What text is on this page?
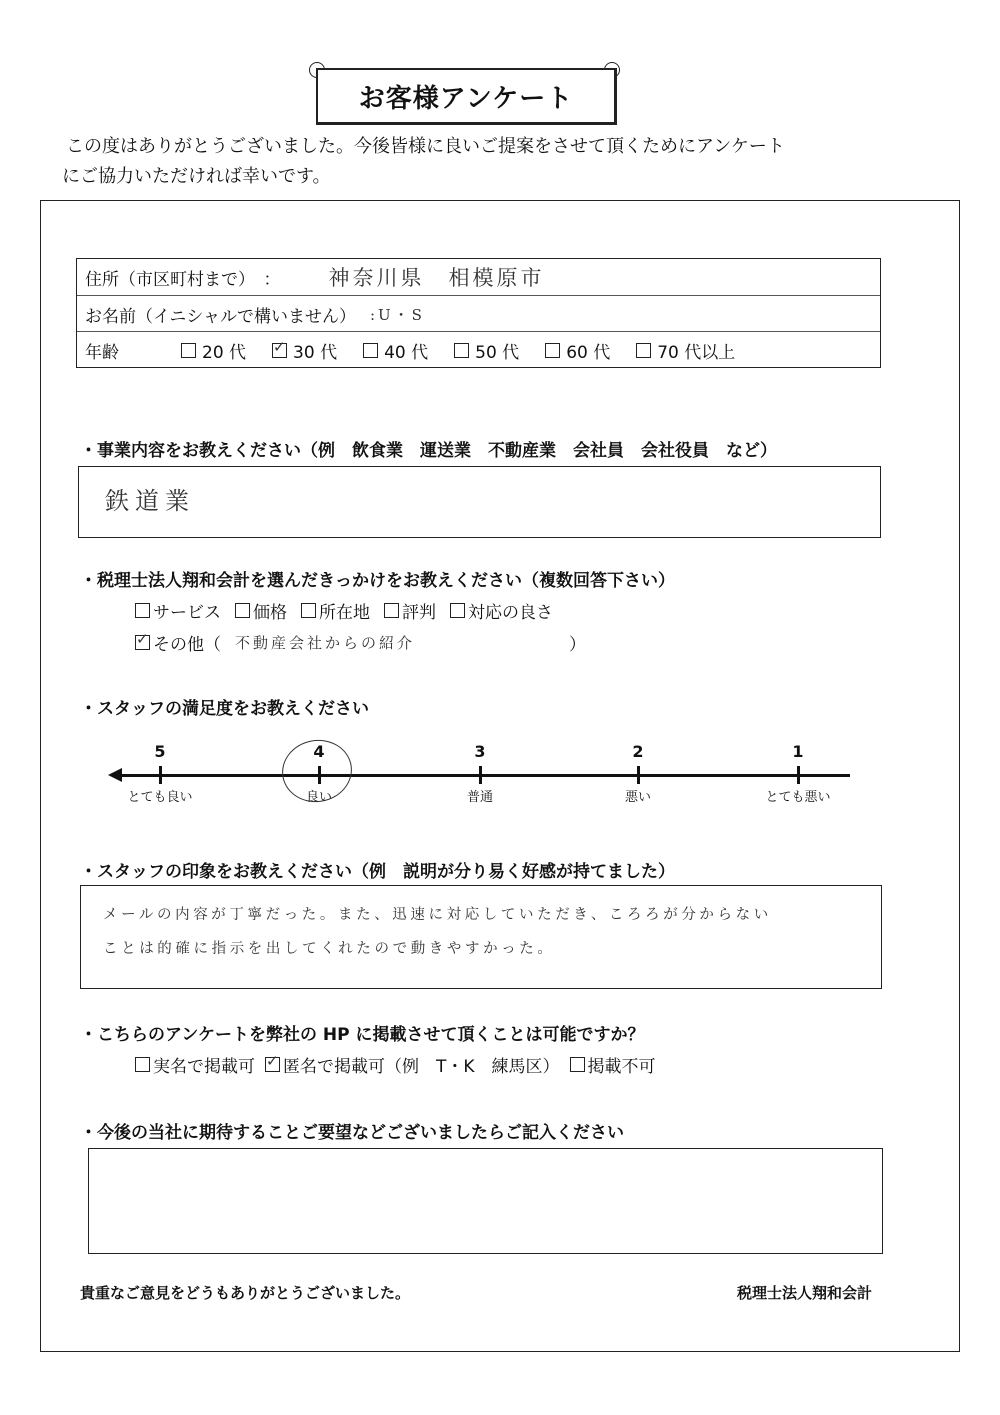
お客様アンケート

この度はありがとうございました。今後皆様に良いご提案をさせて頂くためにアンケート

にご協力いただければ幸いです。

住所（市区町村まで）　： 神奈川県　相模原市
お名前（イニシャルで構いません） :U・S
年齢	20 代 ✓	30 代	40 代	50 代	60 代	70 代以上
・事業内容をお教えください（例　飲食業　運送業　不動産業　会社員　会社役員　など）
鉄道業
・税理士法人翔和会計を選んだきっかけをお教えください（複数回答下さい）
サービス 価格 所在地 評判 対応の良さ
✓
その他（ 不動産会社からの紹介	）
・スタッフの満足度をお教えください
5
とても良い
4
良い
3
普通
2
悪い
1
とても悪い
・スタッフの印象をお教えください（例　説明が分り易く好感が持てました）
メールの内容が丁寧だった。また、迅速に対応していただき、ころろが分からない
ことは的確に指示を出してくれたので動きやすかった。
・こちらのアンケートを弊社の HP に掲載させて頂くことは可能ですか？
実名で掲載可 ✓ 匿名で掲載可（例　T・K　練馬区） 掲載不可
・今後の当社に期待することご要望などございましたらご記入ください
貴重なご意見をどうもありがとうございました。	税理士法人翔和会計
